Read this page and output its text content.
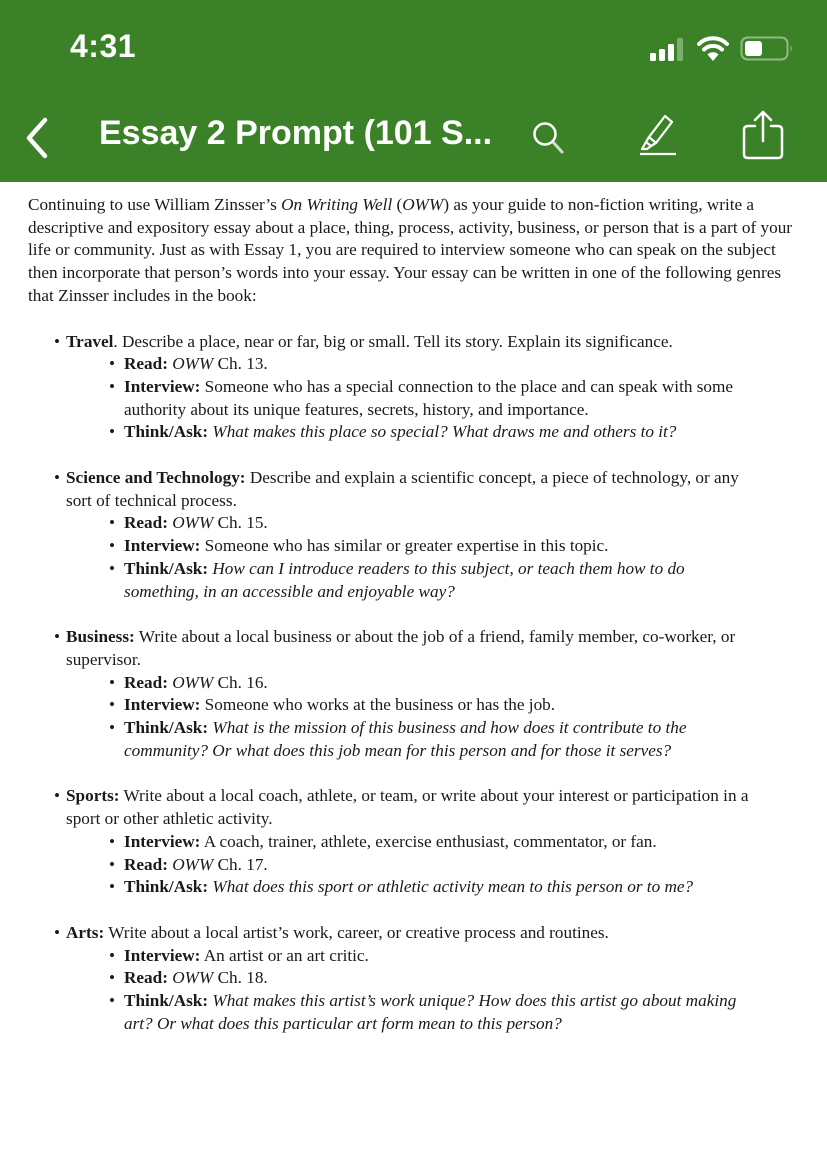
4:31
Essay 2 Prompt (101 S...

Continuing to use William Zinsser’s On Writing Well (OWW) as your guide to non-fiction writing, write a descriptive and expository essay about a place, thing, process, activity, business, or person that is a part of your life or community. Just as with Essay 1, you are required to interview someone who can speak on the subject then incorporate that person’s words into your essay. Your essay can be written in one of the following genres that Zinsser includes in the book:

• Travel. Describe a place, near or far, big or small. Tell its story. Explain its significance.
• Read: OWW Ch. 13.
• Interview: Someone who has a special connection to the place and can speak with some authority about its unique features, secrets, history, and importance.
• Think/Ask: What makes this place so special? What draws me and others to it?
• Science and Technology: Describe and explain a scientific concept, a piece of technology, or any sort of technical process.
• Read: OWW Ch. 15.
• Interview: Someone who has similar or greater expertise in this topic.
• Think/Ask: How can I introduce readers to this subject, or teach them how to do something, in an accessible and enjoyable way?
• Business: Write about a local business or about the job of a friend, family member, co-worker, or supervisor.
• Read: OWW Ch. 16.
• Interview: Someone who works at the business or has the job.
• Think/Ask: What is the mission of this business and how does it contribute to the community? Or what does this job mean for this person and for those it serves?
• Sports: Write about a local coach, athlete, or team, or write about your interest or participation in a sport or other athletic activity.
• Interview: A coach, trainer, athlete, exercise enthusiast, commentator, or fan.
• Read: OWW Ch. 17.
• Think/Ask: What does this sport or athletic activity mean to this person or to me?
• Arts: Write about a local artist’s work, career, or creative process and routines.
• Interview: An artist or an art critic.
• Read: OWW Ch. 18.
• Think/Ask: What makes this artist’s work unique? How does this artist go about making art? Or what does this particular art form mean to this person?
